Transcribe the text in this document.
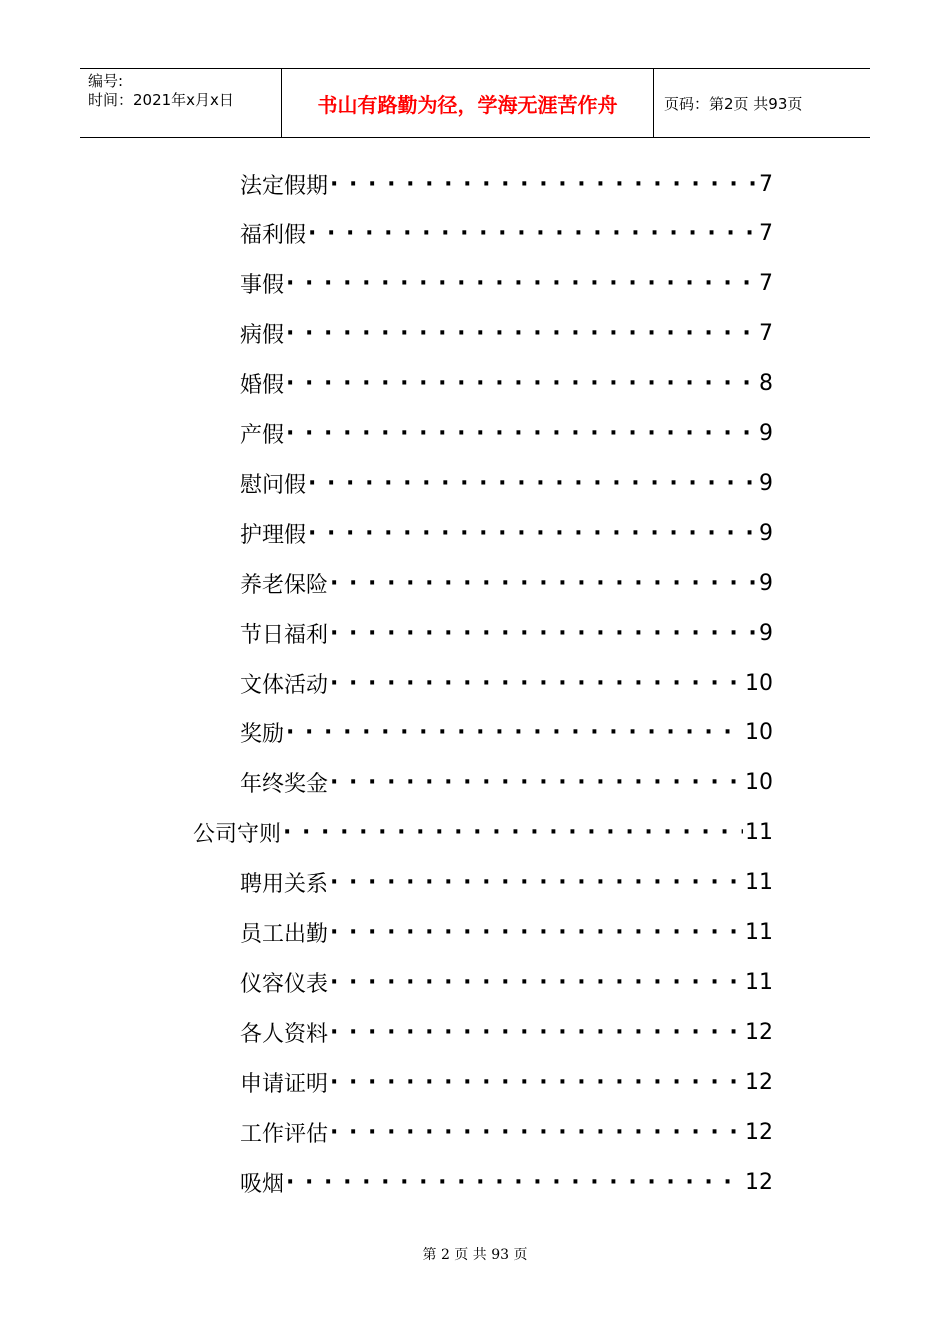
编号:
时间：2021年x月x日	书山有路勤为径，学海无涯苦作舟	页码：第2页 共93页
法定假期 · ·	7
福利假 · ·	7
事假 · ·	7
病假 · ·	7
婚假 · ·	8
产假 · ·	9
慰问假 · ·	9
护理假 · ·	9
养老保险 · ·	9
节日福利 · ·	9
文体活动 · ·	10
奖励 · ·	10
年终奖金 · ·	10
公司守则 · ·	11
聘用关系 · ·	11
员工出勤 · ·	11
仪容仪表 · ·	11
各人资料 · ·	12
申请证明 · ·	12
工作评估 · ·	12
吸烟 · ·	12
第 2 页 共 93 页
